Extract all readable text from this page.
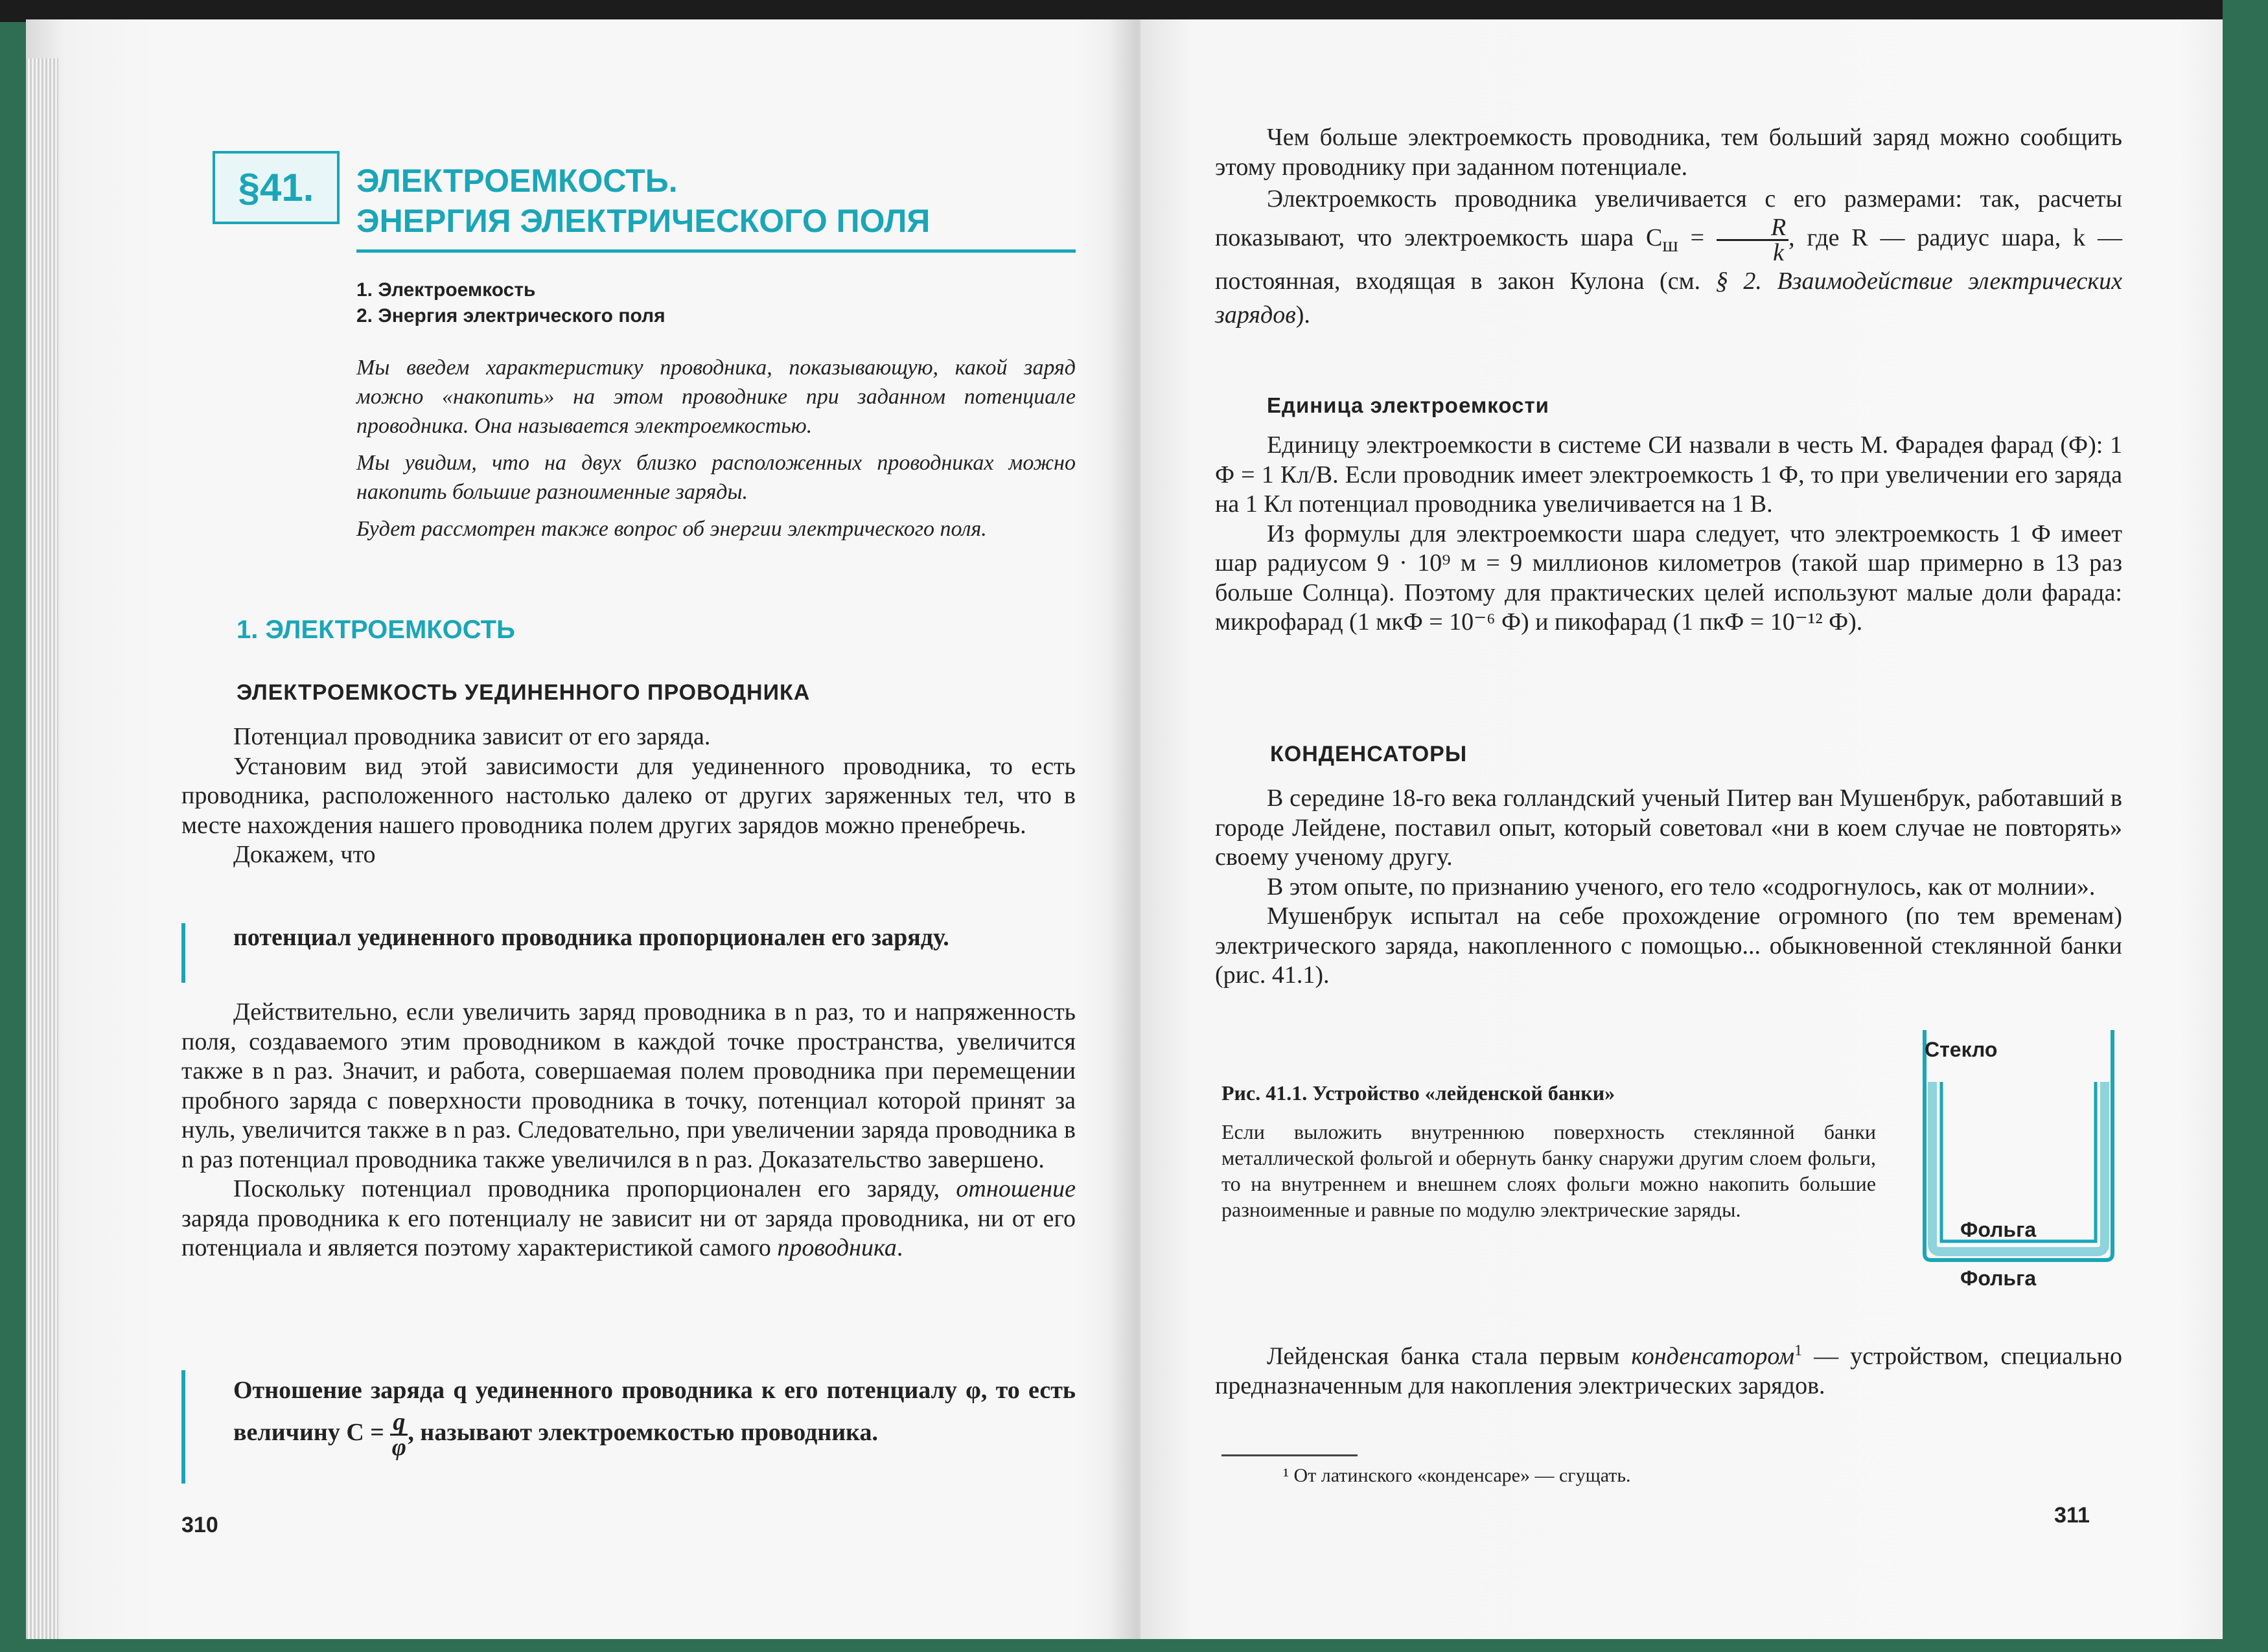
§41. ЭЛЕКТРОЕМКОСТЬ.
ЭНЕРГИЯ ЭЛЕКТРИЧЕСКОГО ПОЛЯ
1. Электроемкость
2. Энергия электрического поля

Мы введем характеристику проводника, показывающую, какой заряд можно «накопить» на этом проводнике при заданном потенциале проводника. Она называется электроемкостью.

Мы увидим, что на двух близко расположенных проводниках можно накопить большие разноименные заряды.

Будет рассмотрен также вопрос об энергии электрического поля.

1. ЭЛЕКТРОЕМКОСТЬ
ЭЛЕКТРОЕМКОСТЬ УЕДИНЕННОГО ПРОВОДНИКА

Потенциал проводника зависит от его заряда.

Установим вид этой зависимости для уединенного проводника, то есть проводника, расположенного настолько далеко от других заряженных тел, что в месте нахождения нашего проводника полем других зарядов можно пренебречь.

Докажем, что

потенциал уединенного проводника пропорционален его заряду.

Действительно, если увеличить заряд проводника в n раз, то и напряженность поля, создаваемого этим проводником в каждой точке пространства, увеличится также в n раз. Значит, и работа, совершаемая полем проводника при перемещении пробного заряда с поверхности проводника в точку, потенциал которой принят за нуль, увеличится также в n раз. Следовательно, при увеличении заряда проводника в n раз потенциал проводника также увеличился в n раз. Доказательство завершено.

Поскольку потенциал проводника пропорционален его заряду, отношение заряда проводника к его потенциалу не зависит ни от заряда проводника, ни от его потенциала и является поэтому характеристикой самого проводника.

Отношение заряда q уединенного проводника к его потенциалу φ, то есть величину $C = \frac{q}{\varphi}$ , называют электроемкостью проводника.

310

Чем больше электроемкость проводника, тем больший заряд можно сообщить этому проводнику при заданном потенциале.

Электроемкость проводника увеличивается с его размерами: так, расчеты показывают, что электроемкость шара $C_ш = \frac{R}{k}$ , где R — радиус шара, k — постоянная, входящая в закон Кулона (см. § 2. Взаимодействие электрических зарядов).

Единица электроемкости

Единицу электроемкости в системе СИ назвали в честь М. Фарадея фарад (Ф): 1 Ф = 1 Кл/В. Если проводник имеет электроемкость 1 Ф, то при увеличении его заряда на 1 Кл потенциал проводника увеличивается на 1 В.

Из формулы для электроемкости шара следует, что электроемкость 1 Ф имеет шар радиусом 9 · 10⁹ м = 9 миллионов километров (такой шар примерно в 13 раз больше Солнца). Поэтому для практических целей используют малые доли фарада: микрофарад (1 мкФ = 10⁻⁶ Ф) и пикофарад (1 пкФ = 10⁻¹² Ф).

КОНДЕНСАТОРЫ

В середине 18-го века голландский ученый Питер ван Мушенбрук, работавший в городе Лейдене, поставил опыт, который советовал «ни в коем случае не повторять» своему ученому другу.

В этом опыте, по признанию ученого, его тело «содрогнулось, как от молнии».

Мушенбрук испытал на себе прохождение огромного (по тем временам) электрического заряда, накопленного с помощью... обыкновенной стеклянной банки (рис. 41.1).

Рис. 41.1. Устройство «лейденской банки»
Если выложить внутреннюю поверхность стеклянной банки металлической фольгой и обернуть банку снаружи другим слоем фольги, то на внутреннем и внешнем слоях фольги можно накопить большие разноименные и равные по модулю электрические заряды.
Стекло
Фольга
Фольга

Лейденская банка стала первым конденсатором$^1$ — устройством, специально предназначенным для накопления электрических зарядов.

¹ От латинского «конденсаре» — сгущать.
311
